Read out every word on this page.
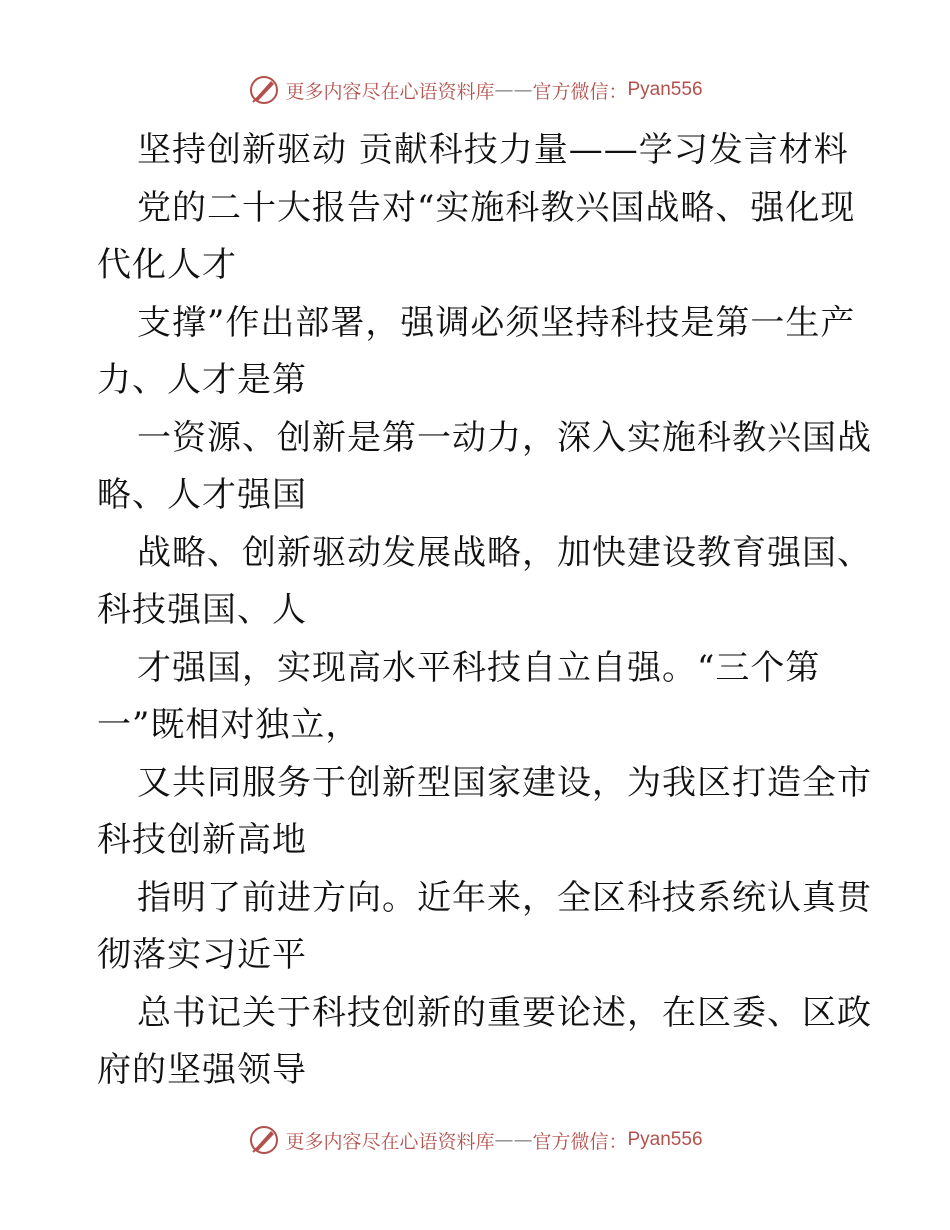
更多内容尽在心语资料库 —— 官方微信： Pyan556
坚持创新驱动 贡献科技力量——学习发言材料
党的二十大报告对“实施科教兴国战略、强化现
代化人才
支撑”作出部署，强调必须坚持科技是第一生产
力、人才是第
一资源、创新是第一动力，深入实施科教兴国战
略、人才强国
战略、创新驱动发展战略，加快建设教育强国、
科技强国、人
才强国，实现高水平科技自立自强。“三个第
一”既相对独立，
又共同服务于创新型国家建设，为我区打造全市
科技创新高地
指明了前进方向。近年来，全区科技系统认真贯
彻落实习近平
总书记关于科技创新的重要论述，在区委、区政
府的坚强领导
更多内容尽在心语资料库 —— 官方微信： Pyan556
